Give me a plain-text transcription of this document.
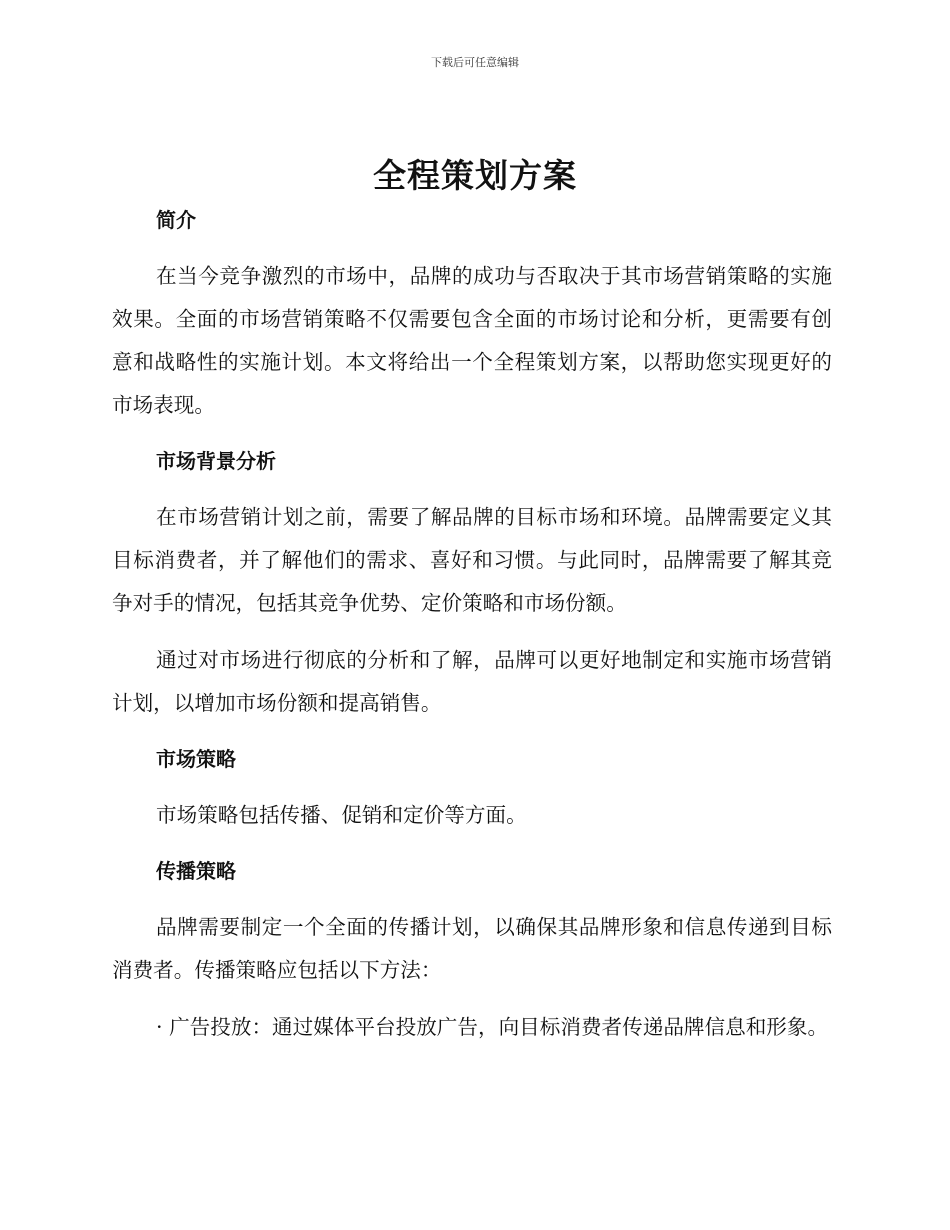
下载后可任意编辑
全程策划方案
简介

在当今竞争激烈的市场中，品牌的成功与否取决于其市场营销策略的实施效果。全面的市场营销策略不仅需要包含全面的市场讨论和分析，更需要有创意和战略性的实施计划。本文将给出一个全程策划方案，以帮助您实现更好的市场表现。

市场背景分析

在市场营销计划之前，需要了解品牌的目标市场和环境。品牌需要定义其目标消费者，并了解他们的需求、喜好和习惯。与此同时，品牌需要了解其竞争对手的情况，包括其竞争优势、定价策略和市场份额。

通过对市场进行彻底的分析和了解，品牌可以更好地制定和实施市场营销计划，以增加市场份额和提高销售。

市场策略

市场策略包括传播、促销和定价等方面。

传播策略

品牌需要制定一个全面的传播计划，以确保其品牌形象和信息传递到目标消费者。传播策略应包括以下方法：

· 广告投放：通过媒体平台投放广告，向目标消费者传递品牌信息和形象。
